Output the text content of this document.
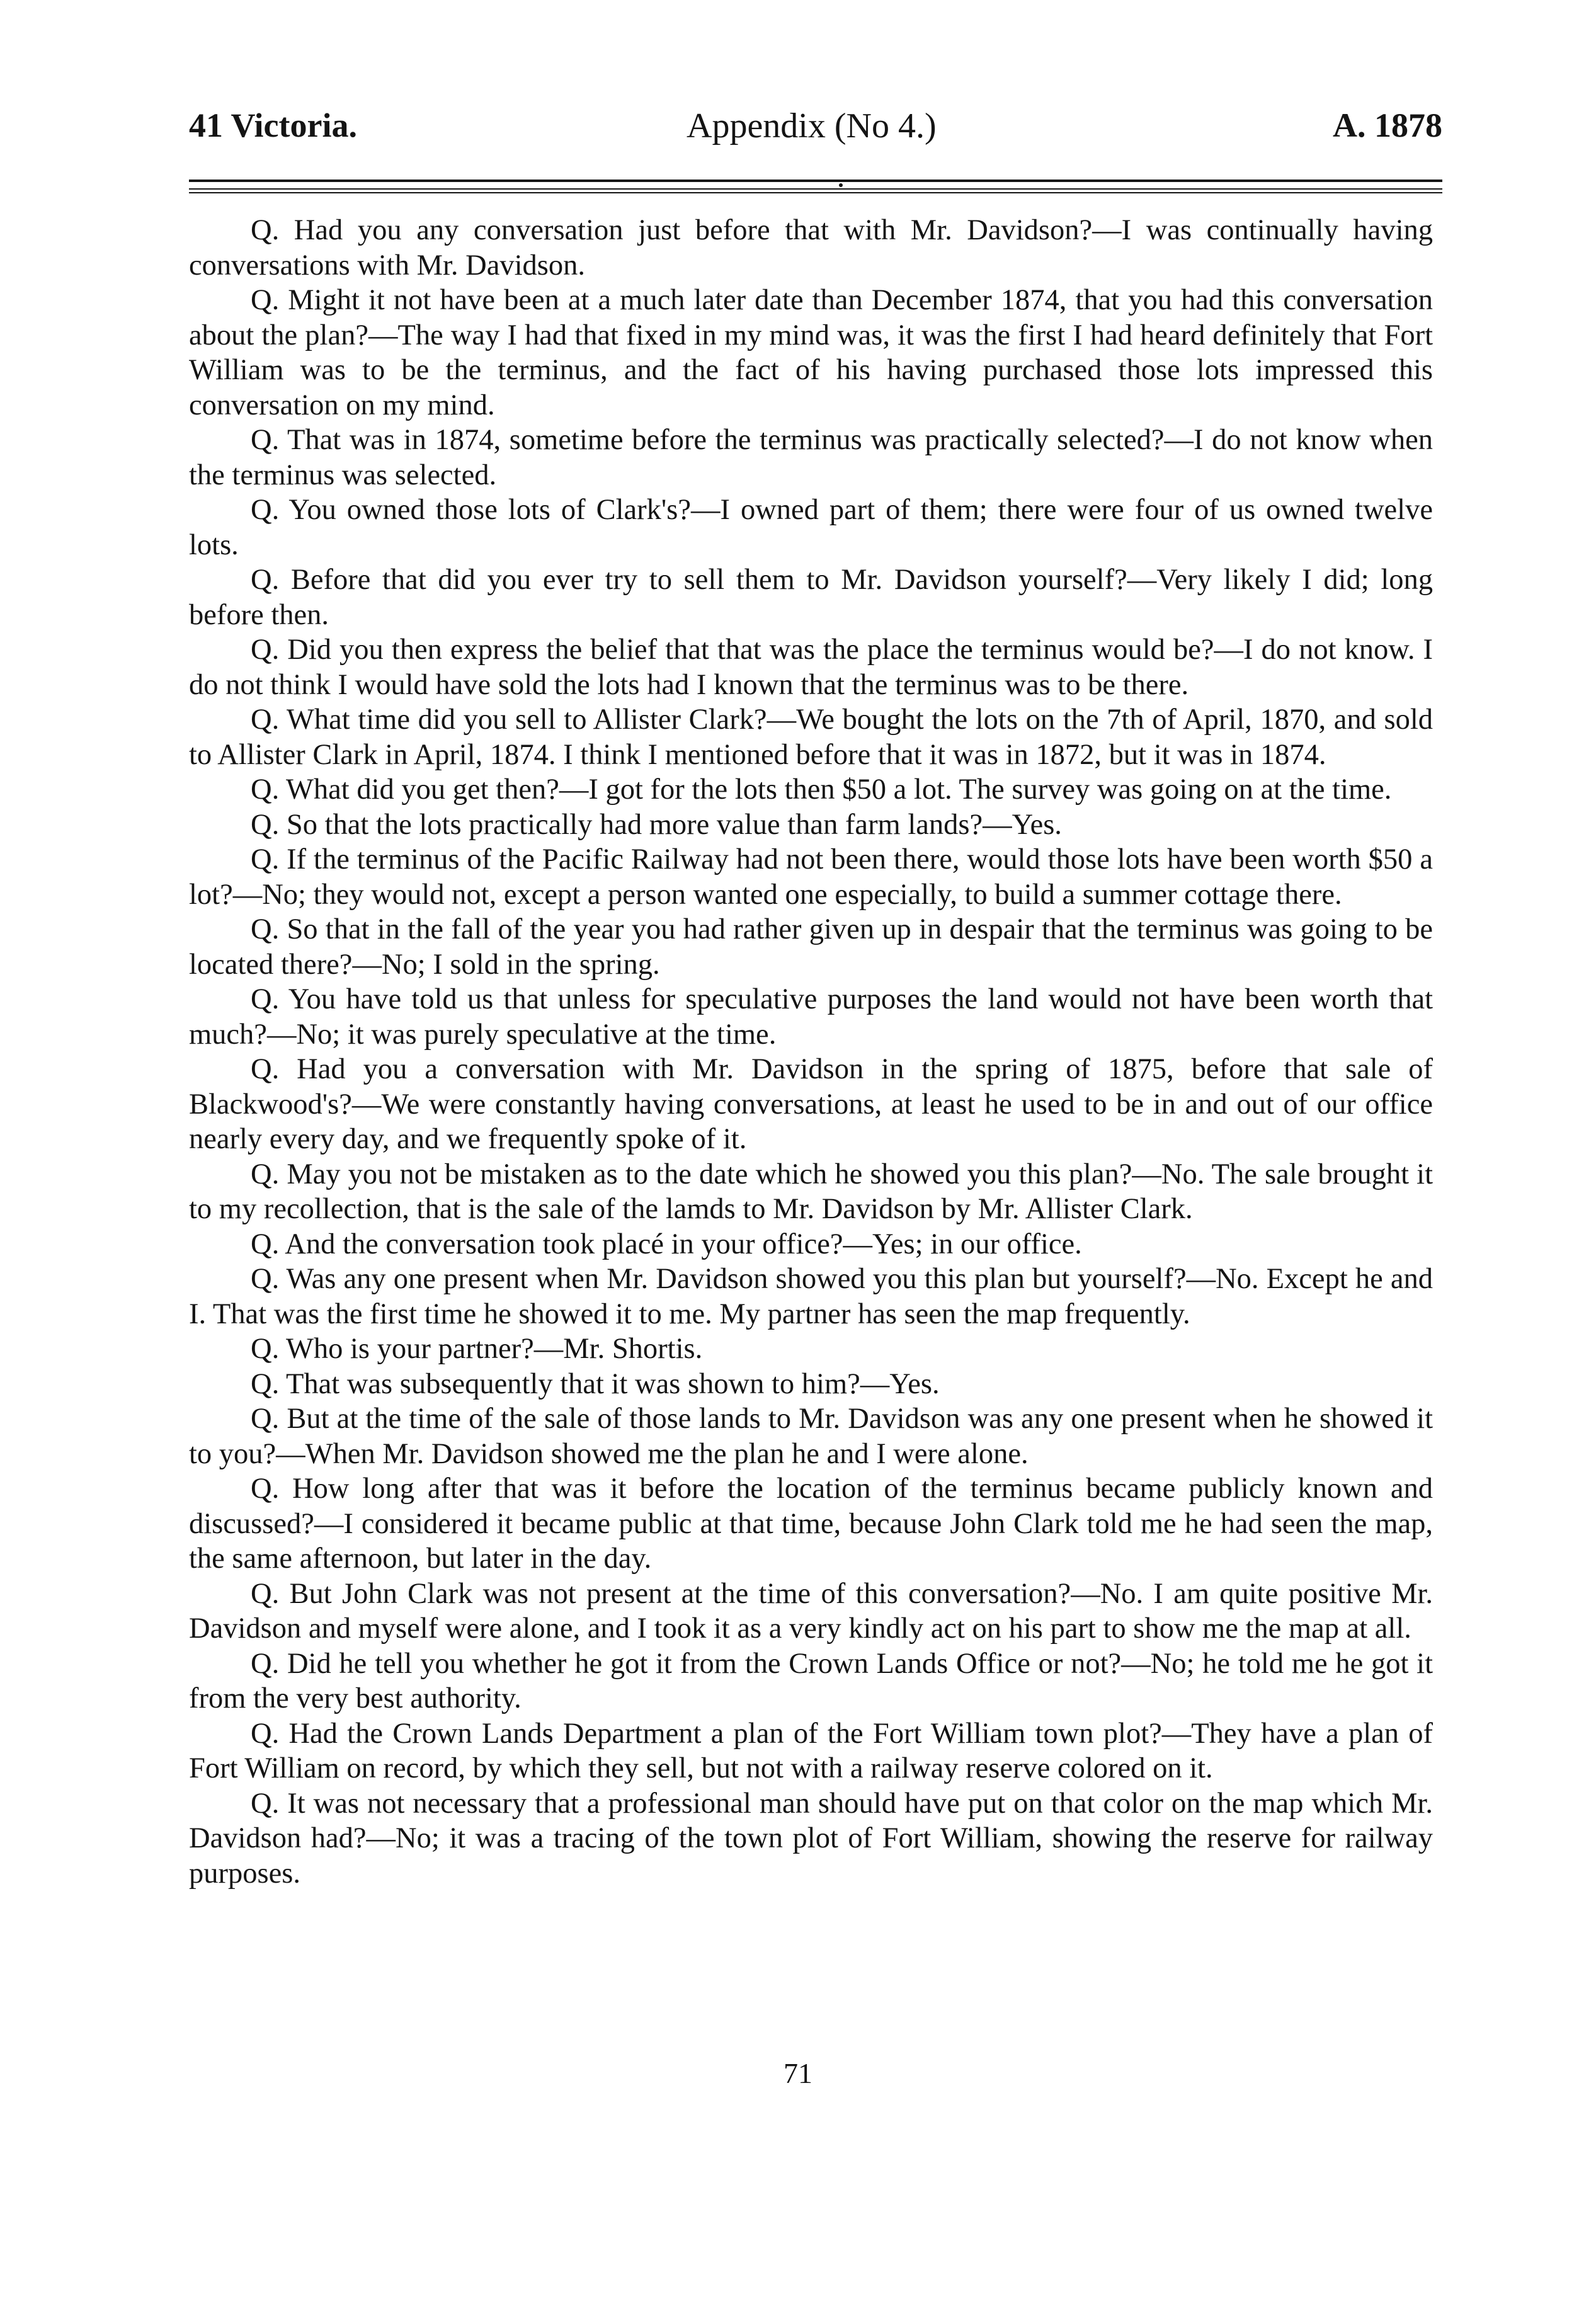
41 Victoria.	Appendix (No 4.)	A. 1878

Q. Had you any conversation just before that with Mr. Davidson?—I was continually having conversations with Mr. Davidson.

Q. Might it not have been at a much later date than December 1874, that you had this conversation about the plan?—The way I had that fixed in my mind was, it was the first I had heard definitely that Fort William was to be the terminus, and the fact of his having purchased those lots impressed this conversation on my mind.

Q. That was in 1874, sometime before the terminus was practically selected?—I do not know when the terminus was selected.

Q. You owned those lots of Clark's?—I owned part of them; there were four of us owned twelve lots.

Q. Before that did you ever try to sell them to Mr. Davidson yourself?—Very likely I did; long before then.

Q. Did you then express the belief that that was the place the terminus would be?—I do not know. I do not think I would have sold the lots had I known that the terminus was to be there.

Q. What time did you sell to Allister Clark?—We bought the lots on the 7th of April, 1870, and sold to Allister Clark in April, 1874. I think I mentioned before that it was in 1872, but it was in 1874.

Q. What did you get then?—I got for the lots then $50 a lot. The survey was going on at the time.

Q. So that the lots practically had more value than farm lands?—Yes.

Q. If the terminus of the Pacific Railway had not been there, would those lots have been worth $50 a lot?—No; they would not, except a person wanted one especially, to build a summer cottage there.

Q. So that in the fall of the year you had rather given up in despair that the terminus was going to be located there?—No; I sold in the spring.

Q. You have told us that unless for speculative purposes the land would not have been worth that much?—No; it was purely speculative at the time.

Q. Had you a conversation with Mr. Davidson in the spring of 1875, before that sale of Blackwood's?—We were constantly having conversations, at least he used to be in and out of our office nearly every day, and we frequently spoke of it.

Q. May you not be mistaken as to the date which he showed you this plan?—No. The sale brought it to my recollection, that is the sale of the lamds to Mr. Davidson by Mr. Allister Clark.

Q. And the conversation took placé in your office?—Yes; in our office.

Q. Was any one present when Mr. Davidson showed you this plan but yourself?—No. Except he and I. That was the first time he showed it to me. My partner has seen the map frequently.

Q. Who is your partner?—Mr. Shortis.

Q. That was subsequently that it was shown to him?—Yes.

Q. But at the time of the sale of those lands to Mr. Davidson was any one present when he showed it to you?—When Mr. Davidson showed me the plan he and I were alone.

Q. How long after that was it before the location of the terminus became publicly known and discussed?—I considered it became public at that time, because John Clark told me he had seen the map, the same afternoon, but later in the day.

Q. But John Clark was not present at the time of this conversation?—No. I am quite positive Mr. Davidson and myself were alone, and I took it as a very kindly act on his part to show me the map at all.

Q. Did he tell you whether he got it from the Crown Lands Office or not?—No; he told me he got it from the very best authority.

Q. Had the Crown Lands Department a plan of the Fort William town plot?—They have a plan of Fort William on record, by which they sell, but not with a railway reserve colored on it.

Q. It was not necessary that a professional man should have put on that color on the map which Mr. Davidson had?—No; it was a tracing of the town plot of Fort William, showing the reserve for railway purposes.

71
